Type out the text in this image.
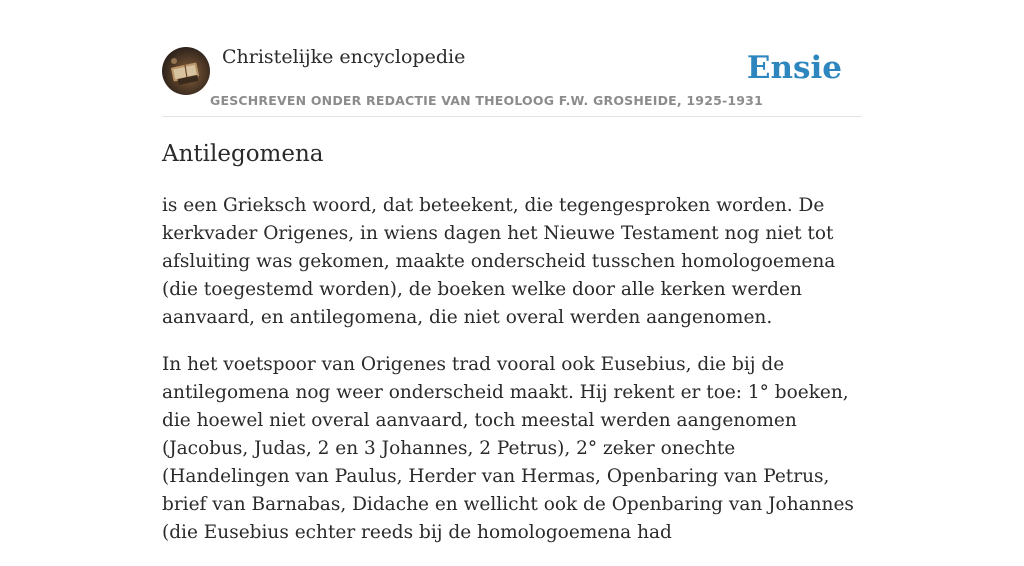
Christelijke encyclopedie
GESCHREVEN ONDER REDACTIE VAN THEOLOOG F.W. GROSHEIDE, 1925-1931
Ensie
Antilegomena

is een Grieksch woord, dat beteekent, die tegengesproken worden. De kerkvader Origenes, in wiens dagen het Nieuwe Testament nog niet tot afsluiting was gekomen, maakte onderscheid tusschen homologoemena (die toegestemd worden), de boeken welke door alle kerken werden aanvaard, en antilegomena, die niet overal werden aangenomen.

In het voetspoor van Origenes trad vooral ook Eusebius, die bij de antilegomena nog weer onderscheid maakt. Hij rekent er toe: 1° boeken, die hoewel niet overal aanvaard, toch meestal werden aangenomen (Jacobus, Judas, 2 en 3 Johannes, 2 Petrus), 2° zeker onechte (Handelingen van Paulus, Herder van Hermas, Openbaring van Petrus, brief van Barnabas, Didache en wellicht ook de Openbaring van Johannes (die Eusebius echter reeds bij de homologoemena had
